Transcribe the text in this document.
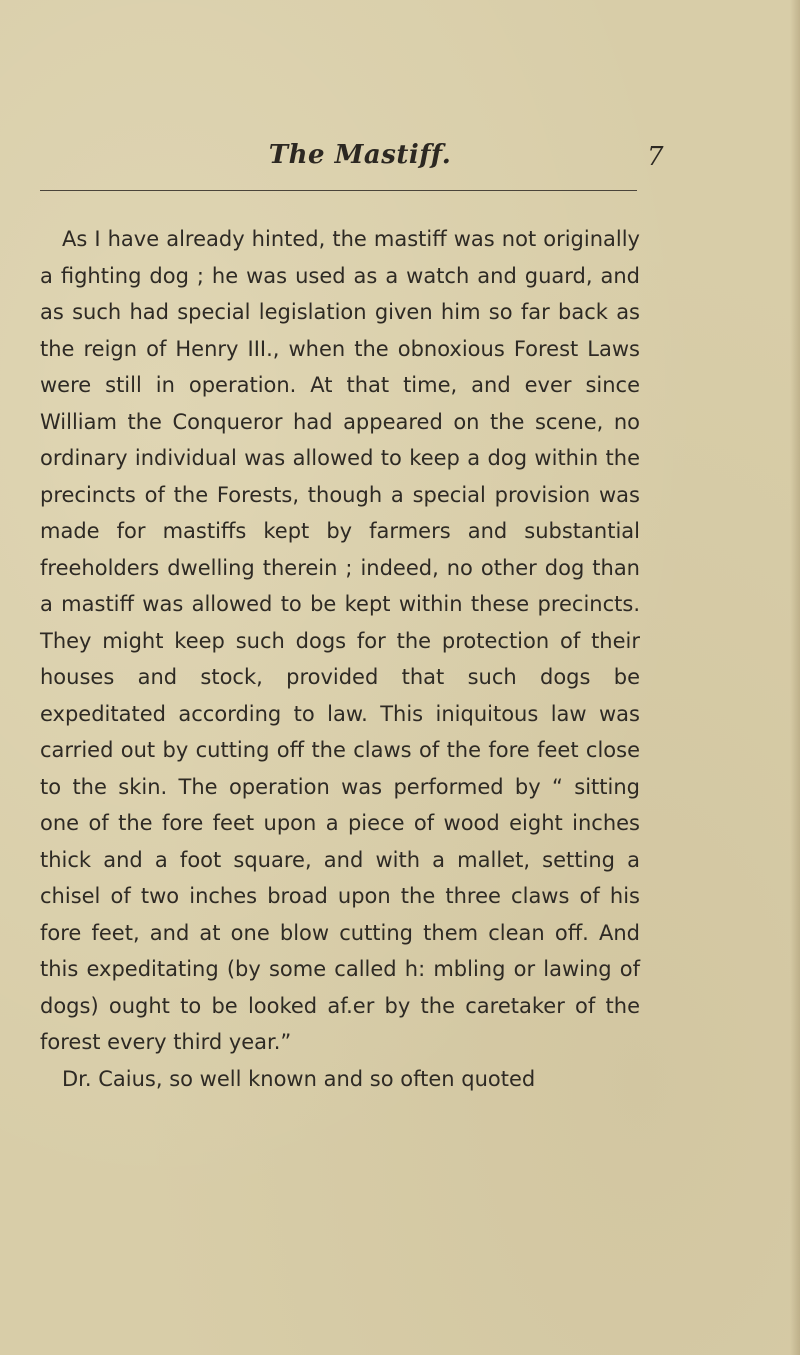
The Mastiff.	7

As I have already hinted, the mastiff was not originally a fighting dog ; he was used as a watch and guard, and as such had special legislation given him so far back as the reign of Henry III., when the obnoxious Forest Laws were still in operation. At that time, and ever since William the Conqueror had appeared on the scene, no ordinary individual was allowed to keep a dog within the precincts of the Forests, though a special provision was made for mastiffs kept by farmers and substantial freeholders dwelling therein ; indeed, no other dog than a mastiff was allowed to be kept within these precincts. They might keep such dogs for the protection of their houses and stock, provided that such dogs be expeditated according to law. This iniquitous law was carried out by cutting off the claws of the fore feet close to the skin. The operation was performed by “ sitting one of the fore feet upon a piece of wood eight inches thick and a foot square, and with a mallet, setting a chisel of two inches broad upon the three claws of his fore feet, and at one blow cutting them clean off. And this expeditating (by some called h: mbling or lawing of dogs) ought to be looked af.er by the caretaker of the forest every third year.”

Dr. Caius, so well known and so often quoted
